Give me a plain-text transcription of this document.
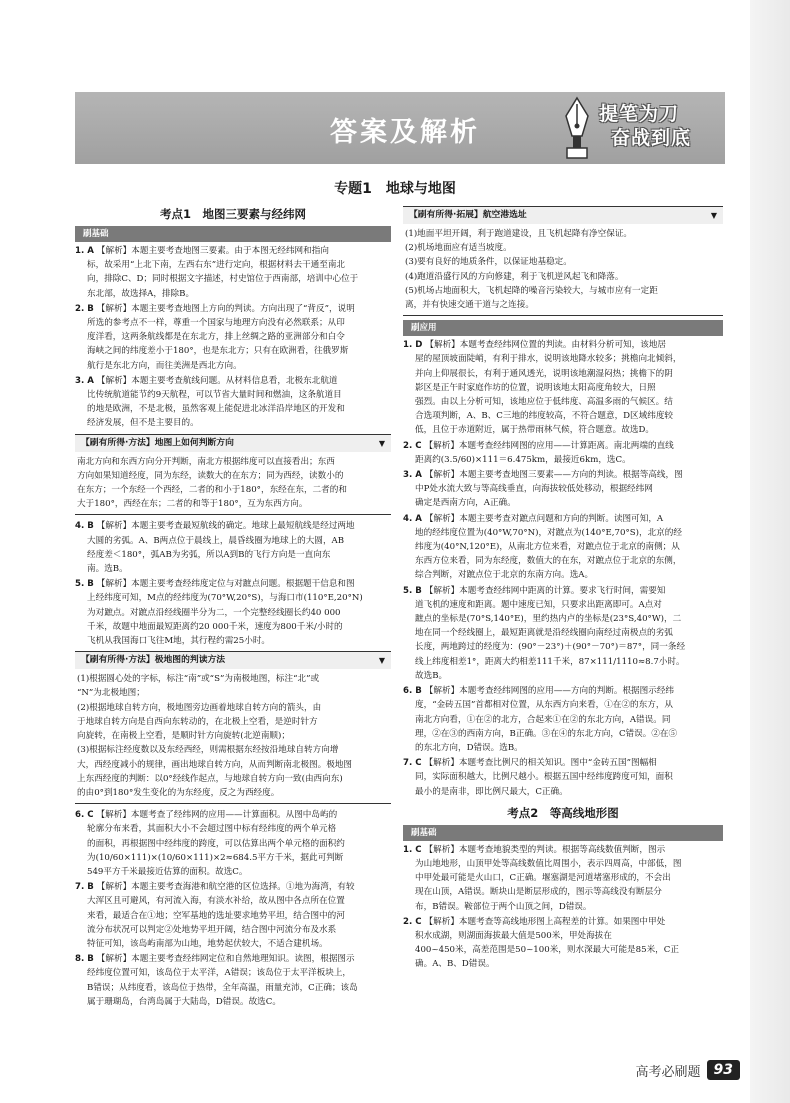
答案及解析
提笔为刀
奋战到底
专题1　地球与地图
考点1　地图三要素与经纬网
刷基础
1. A 【解析】本题主要考查地图三要素。由于本图无经纬网和指向
标，故采用“上北下南，左西右东”进行定向，根据材料去干通至南北
向，排除C、D；同时根据文字描述，村史馆位于西南部，培训中心位于
东北部，故选择A，排除B。
2. B 【解析】本题主要考查地图上方向的判读。方向出现了“背反”，说明
所选的参考点不一样，尊重一个国家与地理方向没有必然联系；从印
度洋看，这两条航线都是在东北方，排上丝绸之路的亚洲部分和白令
海峡之间的纬度差小于180°，也是东北方；只有在欧洲看，往俄罗斯
航行是东北方向，而往美洲是西北方向。
3. A 【解析】本题主要考查航线问题。从材料信息看，北极东北航道
比传统航道能节约9天航程，可以节省大量时间和燃油，这条航道目
的地是欧洲，不是北极，虽然客观上能促进北冰洋沿岸地区的开发和
经济发展，但不是主要目的。
【刷有所得·方法】地图上如何判断方向	▼

南北方向和东西方向分开判断，南北方根据纬度可以直接看出；东西

方向如果知道经度，同为东经，读数大的在东方；同为西经，读数小的

在东方；一个东经一个西经，二者的和小于180°，东经在东，二者的和

大于180°，西经在东；二者的和等于180°，互为东西方向。

4. B 【解析】本题主要考查最短航线的确定。地球上最短航线是经过两地
大圆的劣弧。A、B两点位于晨线上，晨昏线圈为地球上的大圆，AB
经度差＜180°，弧AB为劣弧，所以A到B的飞行方向是一直向东
南。选B。
5. B 【解析】本题主要考查经纬度定位与对蹠点问题。根据题干信息和图
上经纬度可知，M点的经纬度为(70°W,20°S)，与海口市(110°E,20°N)
为对蹠点。对蹠点沿经线圈半分为二，一个完整经线圈长约40 000
千米，故题中地面最短距离约20 000千米，速度为800千米/小时的
飞机从我国海口飞往M地，其行程约需25小时。
【刷有所得·方法】极地图的判读方法	▼

(1)根据圆心处的字标，标注“南”或“S”为南极地图，标注“北”或

“N”为北极地图；

(2)根据地球自转方向，极地图旁边画着地球自转方向的箭头，由

于地球自转方向是自西向东转动的，在北极上空看，是逆时针方

向旋转，在南极上空看，是顺时针方向旋转(北逆南顺)；

(3)根据标注经度数以及东经西经，则需根据东经按沿地球自转方向增

大，西经度减小的规律，画出地球自转方向，从而判断南北极图。极地图

上东西经度的判断：以0°经线作起点，与地球自转方向一致(由西向东)

的由0°到180°发生变化的为东经度，反之为西经度。

6. C 【解析】本题考查了经纬网的应用——计算面积。从图中岛屿的
轮廓分布来看，其面积大小不会超过图中标有经纬度的两个单元格
的面积，再根据图中经纬度的跨度，可以估算出两个单元格的面积约
为(10/60×111)×(10/60×111)×2≈684.5平方千米，据此可判断
549平方千米最接近估算的面积。故选C。
7. B 【解析】本题主要考查海港和航空港的区位选择。①地为海湾，有较
大浑区且可避风，有河流入海，有淡水补给，故从图中各点所在位置
来看，最适合在①地；空军基地的选址要求地势平坦，结合图中的河
流分布状况可以判定②处地势平坦开阔，结合图中河流分布及水系
特征可知，该岛屿南部为山地，地势起伏较大，不适合建机场。
8. B 【解析】本题主要考查经纬网定位和自然地理知识。读图，根据图示
经纬度位置可知，该岛位于太平洋，A错误；该岛位于太平洋板块上，
B错误；从纬度看，该岛位于热带，全年高温，雨量充沛，C正确；该岛
属于珊瑚岛，台湾岛属于大陆岛，D错误。故选C。
【刷有所得·拓展】航空港选址	▼

(1)地面平坦开阔，利于跑道建设，且飞机起降有净空保证。

(2)机场地面应有适当坡度。

(3)要有良好的地质条件，以保证地基稳定。

(4)跑道沿盛行风的方向修建，利于飞机逆风起飞和降落。

(5)机场占地面积大，飞机起降的噪音污染较大，与城市应有一定距

离，并有快速交通干道与之连接。

刷应用
1. D 【解析】本题考查经纬网位置的判读。由材料分析可知，该地居
屋的屋顶坡面陡峭，有利于排水，说明该地降水较多；挑檐向北倾斜，
并向上仰展很长，有利于通风透光，说明该地潮湿闷热；挑檐下的阴
影区是正午时家庭作坊的位置，说明该地太阳高度角较大，日照
强烈。由以上分析可知，该地应位于低纬度、高温多雨的气候区。结
合选项判断，A、B、C三地的纬度较高，不符合题意，D区域纬度较
低，且位于赤道附近，属于热带雨林气候，符合题意。故选D。
2. C 【解析】本题考查经纬网图的应用——计算距离。南北两端的直线
距离约(3.5/60)×111＝6.475km，最接近6km，选C。
3. A 【解析】本题主要考查地图三要素——方向的判读。根据等高线，图
中P处水流大致与等高线垂直，向海拔较低处移动，根据经纬网
确定是西南方向，A正确。
4. A 【解析】本题主要考查对蹠点问题和方向的判断。读图可知，A
地的经纬度位置为(40°W,70°N)，对蹠点为(140°E,70°S)，北京的经
纬度为(40°N,120°E)，从南北方位来看，对蹠点位于北京的南侧；从
东西方位来看，同为东经度，数值大的在东，对蹠点位于北京的东侧，
综合判断，对蹠点位于北京的东南方向。选A。
5. B 【解析】本题考查经纬网中距离的计算。要求飞行时间，需要知
道飞机的速度和距离。题中速度已知，只要求出距离即可。A点对
蹠点的坐标是(70°S,140°E)，里约热内卢的坐标是(23°S,40°W)，二
地在同一个经线圈上，最短距离就是沿经线圈向南经过南极点的劣弧
长度，两地跨过的经度为：(90°－23°)＋(90°－70°)＝87°，同一条经
线上纬度相差1°，距离大约相差111千米，87×111/1110≈8.7小时。
故选B。
6. B 【解析】本题考查经纬网图的应用——方向的判断。根据图示经纬
度，“金砖五国”首都相对位置，从东西方向来看，①在②的东方，从
南北方向看，①在②的北方，合起来①在②的东北方向，A错误。同
理，②在③的西南方向，B正确。③在④的东北方向，C错误。②在⑤
的东北方向，D错误。选B。
7. C 【解析】本题考查比例尺的相关知识。图中“金砖五国”图幅相
同，实际面积越大，比例尺越小。根据五国中经纬度跨度可知，面积
最小的是南非，即比例尺最大，C正确。
考点2　等高线地形图
刷基础
1. C 【解析】本题考查地貌类型的判读。根据等高线数值判断，图示
为山地地形，山顶甲处等高线数值比周围小，表示四周高，中部低，图
中甲处最可能是火山口，C正确。堰塞湖是河道堵塞形成的，不会出
现在山顶，A错误。断块山是断层形成的，图示等高线没有断层分
布，B错误。鞍部位于两个山顶之间，D错误。
2. C 【解析】本题考查等高线地形图上高程差的计算。如果图中甲处
积水成湖，则湖面海拔最大值是500米，甲处海拔在
400~450米，高差范围是50~100米，则水深最大可能是85米，C正
确。A、B、D错误。
高考必刷题 93
